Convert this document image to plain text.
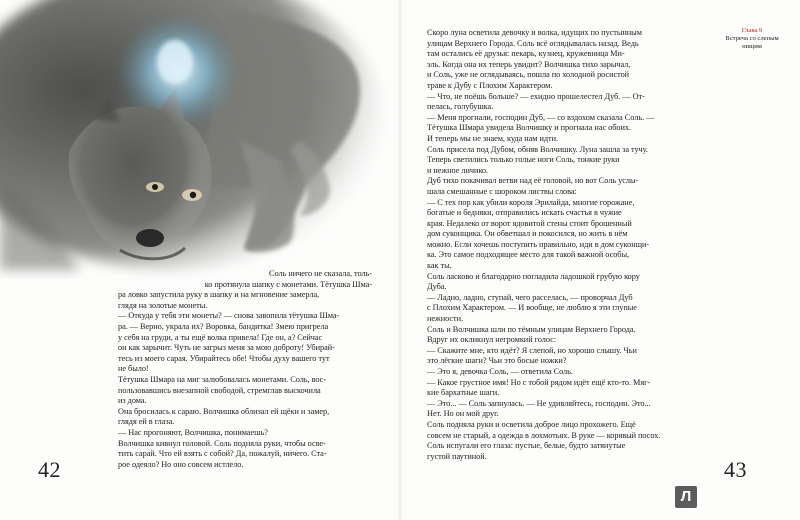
Соль ничего не сказала, толь-

ко протянула шапку с монетами. Тётушка Шма-

ра ловко запустила руку в шапку и на мгновение замерла,

глядя на золотые монеты.

— Откуда у тебя эти монеты? — снова завопила тётушка Шма-

ра. — Верно, украла их? Воровка, бандитка! Змею пригрела

у себя на груди, а ты ещё волка привела! Где он, а? Сейчас

он как зарычит. Чуть не загрыз меня за мою доброту! Убирай-

тесь из моего сарая. Убирайтесь обе! Чтобы духу вашего тут

не было!

Тётушка Шмара на миг залюбовалась монетами. Соль, вос-

пользовавшись внезапной свободой, стремглав выскочила

из дома.

Она бросилась к сараю. Волчишка облизал ей щёки и замер,

глядя ей в глаза.

— Нас прогоняют, Волчишка, понимаешь?

Волчишка кивнул головой. Соль подняла руки, чтобы осве-

тить сарай. Что ей взять с собой? Да, пожалуй, ничего. Ста-

рое одеяло? Но оно совсем истлело.

42

Скоро луна осветила девочку и волка, идущих по пустынным

улицам Верхнего Города. Соль всё оглядывалась назад. Ведь

там остались её друзья: пекарь, кузнец, кружевница Ми-

эль. Когда она их теперь увидит? Волчишка тихо зарычал,

и Соль, уже не оглядываясь, пошла по холодной росистой

траве к Дубу с Плохим Характером.

— Что, не поёшь больше? — ехидно прошелестел Дуб. — От-

пелась, голубушка.

— Меня прогнали, господин Дуб, — со вздохом сказала Соль. —

Тётушка Шмара увидела Волчишку и прогнала нас обоих.

И теперь мы не знаем, куда нам идти.

Соль присела под Дубом, обняв Волчишку. Луна зашла за тучу.

Теперь светились только голые ноги Соль, тонкие руки

и нежное личико.

Дуб тихо покачивал ветви над её головой, но вот Соль услы-

шала смешанные с шороком листвы слова:

— С тех пор как убили короля Эрилайда, многие горожане,

богатые и бедняки, отправились искать счастья в чужие

края. Недалеко от ворот ядовитой стены стоит брошенный

дом суконщика. Он обветшал и покосился, но жить в нём

можно. Если хочешь поступить правильно, иди в дом суконщи-

ка. Это самое подходящее место для такой важной особы,

как ты.

Соль ласково и благодарно погладила ладошкой грубую кору

Дуба.

— Ладно, ладно, ступай, чего расселась, — проворчал Дуб

с Плохим Характером. — И вообще, не люблю я эти глупые

нежности.

Соль и Волчишка шли по тёмным улицам Верхнего Города.

Вдруг их окликнул негромкий голос:

— Скажите мне, кто идёт? Я слепой, но хорошо слышу. Чьи

это лёгкие шаги? Чьи это босые ножки?

— Это я, девочка Соль, — ответила Соль.

— Какое грустное имя! Но с тобой рядом идёт ещё кто-то. Мяг-

кие бархатные шаги.

— Это... — Соль запнулась. — Не удивляйтесь, господин. Это...

Нет. Но он мой друг.

Соль подняла руки и осветила доброе лицо прохожего. Ещё

совсем не старый, а одежда в лохмотьях. В руке — корявый посох.

Соль испугали его глаза: пустые, белые, будто затянутые

густой паутиной.

43
Глава 9
Встреча со слепым
нищим
Л
